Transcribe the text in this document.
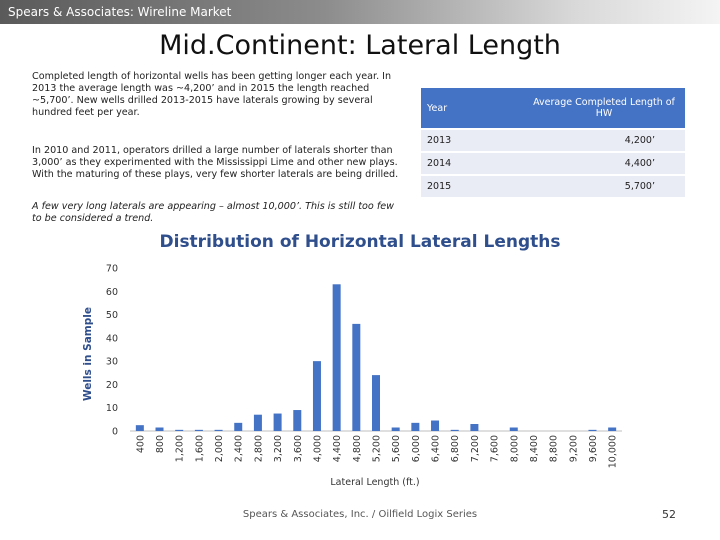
Spears & Associates: Wireline Market
Mid.Continent: Lateral Length
Completed length of horizontal wells has been getting longer each year. In 2013 the average length was ~4,200’ and in 2015 the length reached ~5,700’. New wells drilled 2013-2015 have laterals growing by several hundred feet per year.
In 2010 and 2011, operators drilled a large number of laterals shorter than 3,000’ as they experimented with the Mississippi Lime and other new plays. With the maturing of these plays, very few shorter laterals are being drilled.
A few very long laterals are appearing – almost 10,000’. This is still too few to be considered a trend.
Year	Average Completed Length of HW
2013	4,200’
2014	4,400’
2015	5,700’
Distribution of Horizontal Lateral Lengths
0
10
20
30
40
50
60
70
400 800 1,200 1,600 2,000 2,400 2,800 3,200 3,600 4,000 4,400 4,800 5,200 5,600 6,000 6,400 6,800 7,200 7,600 8,000 8,400 8,800 9,200 9,600 10,000
Wells in Sample
Lateral Length (ft.)
Spears & Associates, Inc. / Oilfield Logix Series	52
